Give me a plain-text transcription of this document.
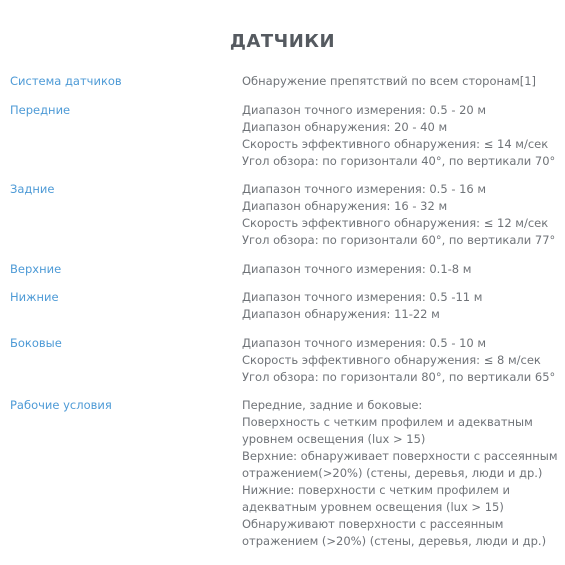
ДАТЧИКИ
Система датчиков	Обнаружение препятствий по всем сторонам[1]
Передние	Диапазон точного измерения: 0.5 - 20 м
Диапазон обнаружения: 20 - 40 м
Скорость эффективного обнаружения: ≤ 14 м/сек
Угол обзора: по горизонтали 40°, по вертикали 70°
Задние	Диапазон точного измерения: 0.5 - 16 м
Диапазон обнаружения: 16 - 32 м
Скорость эффективного обнаружения: ≤ 12 м/сек
Угол обзора: по горизонтали 60°, по вертикали 77°
Верхние	Диапазон точного измерения: 0.1-8 м
Нижние	Диапазон точного измерения: 0.5 -11 м
Диапазон обнаружения: 11-22 м
Боковые	Диапазон точного измерения: 0.5 - 10 м
Скорость эффективного обнаружения: ≤ 8 м/сек
Угол обзора: по горизонтали 80°, по вертикали 65°
Рабочие условия	Передние, задние и боковые:
Поверхность с четким профилем и адекватным
уровнем освещения (lux > 15)
Верхние: обнаруживает поверхности с рассеянным
отражением(>20%) (стены, деревья, люди и др.)
Нижние: поверхности с четким профилем и
адекватным уровнем освещения (lux > 15)
Обнаруживают поверхности с рассеянным
отражением (>20%) (стены, деревья, люди и др.)
